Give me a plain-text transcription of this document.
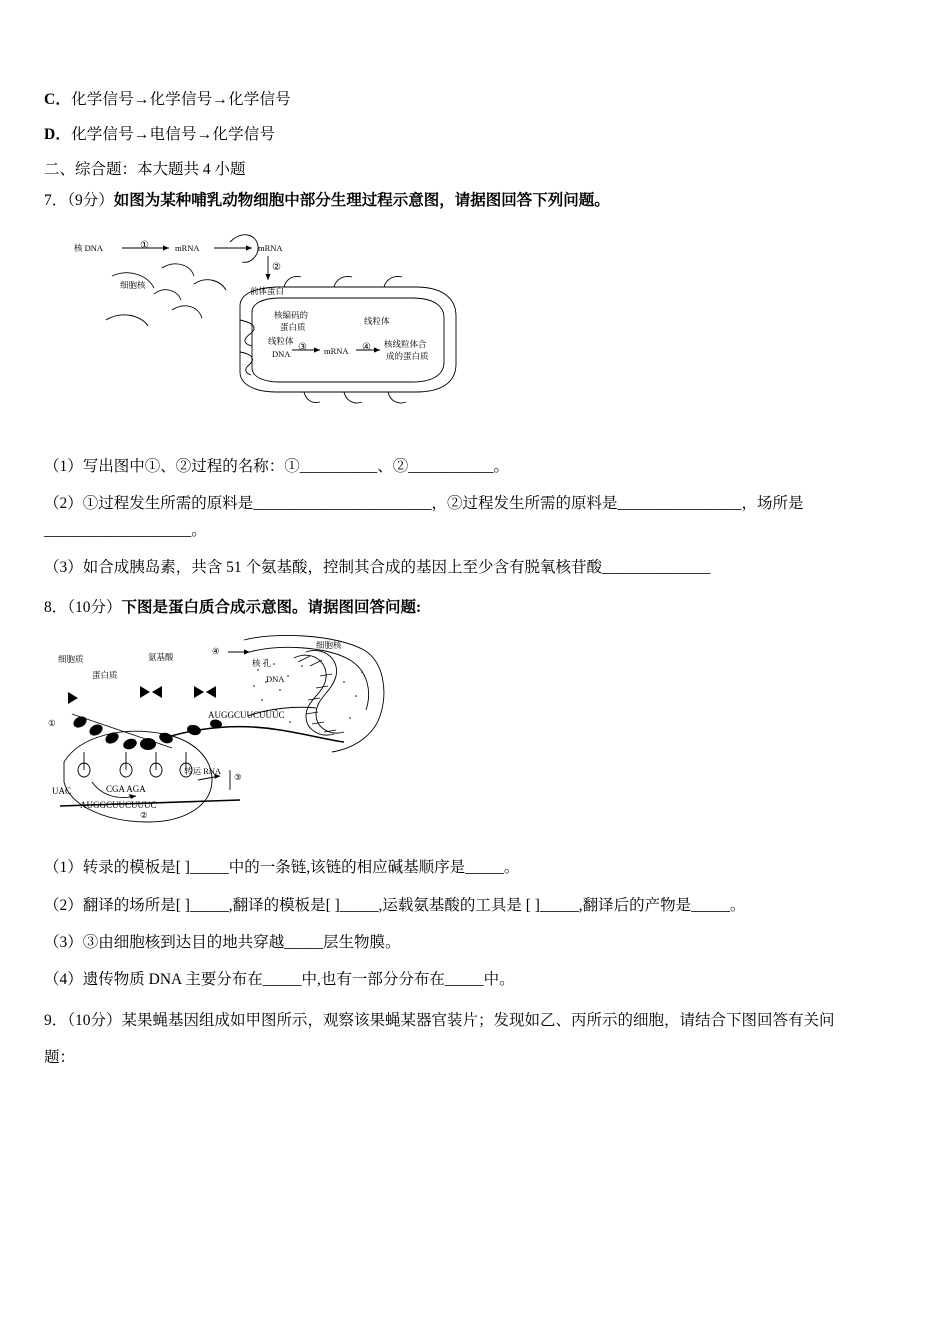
C．化学信号→化学信号→化学信号
D．化学信号→电信号→化学信号
二、综合题：本大题共 4 小题
7．（9分）如图为某种哺乳动物细胞中部分生理过程示意图，请据图回答下列问题。
核 DNA	mRNA	mRNA
①
②
细胞核
前体蛋白
核编码的
蛋白质
线粒体
线粒体
DNA	mRNA
③	④ 核线粒体合
成的蛋白质
（1）写出图中①、②过程的名称：①__________、②___________。
（2）①过程发生所需的原料是_______________________，②过程发生所需的原料是________________，场所是___________________。
（3）如合成胰岛素，共含 51 个氨基酸，控制其合成的基因上至少含有脱氧核苷酸______________
8．（10分）下图是蛋白质合成示意图。请据图回答问题:
细胞质
蛋白质
氨基酸
细胞核
核 孔
DNA
④
①
②
③
转运 RNA
AUGGCUUCUUUC
AUGGCUUCUUUC
UAC	CGA AGA
（1）转录的模板是[ ]_____中的一条链,该链的相应碱基顺序是_____。
（2）翻译的场所是[ ]_____,翻译的模板是[ ]_____,运载氨基酸的工具是 [ ]_____,翻译后的产物是_____。
（3）③由细胞核到达目的地共穿越_____层生物膜。
（4）遗传物质 DNA 主要分布在_____中,也有一部分分布在_____中。
9．（10分）某果蝇基因组成如甲图所示，观察该果蝇某器官装片；发现如乙、丙所示的细胞，请结合下图回答有关问
题：
